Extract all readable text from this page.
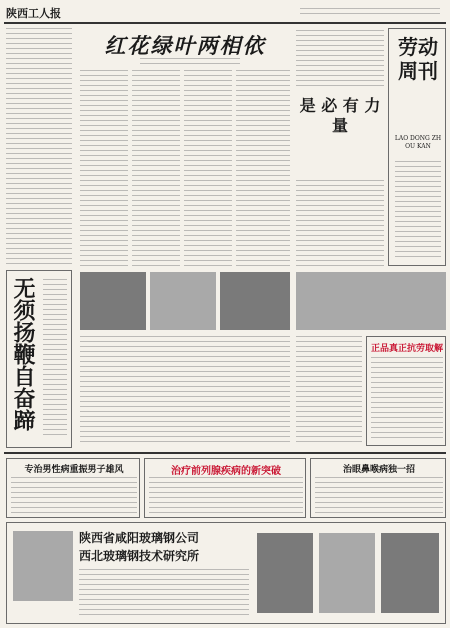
陕西工人报
无须扬鞭自奋蹄
红花绿叶两相依
是 必 有 力 量
劳动周刊
LAO DONG ZHOU KAN
正品真正抗劳取解
专治男性病重振男子雄风	治疗前列腺疾病的新突破	治眼鼻喉病独一招
陕西省咸阳玻璃钢公司
西北玻璃钢技术研究所
